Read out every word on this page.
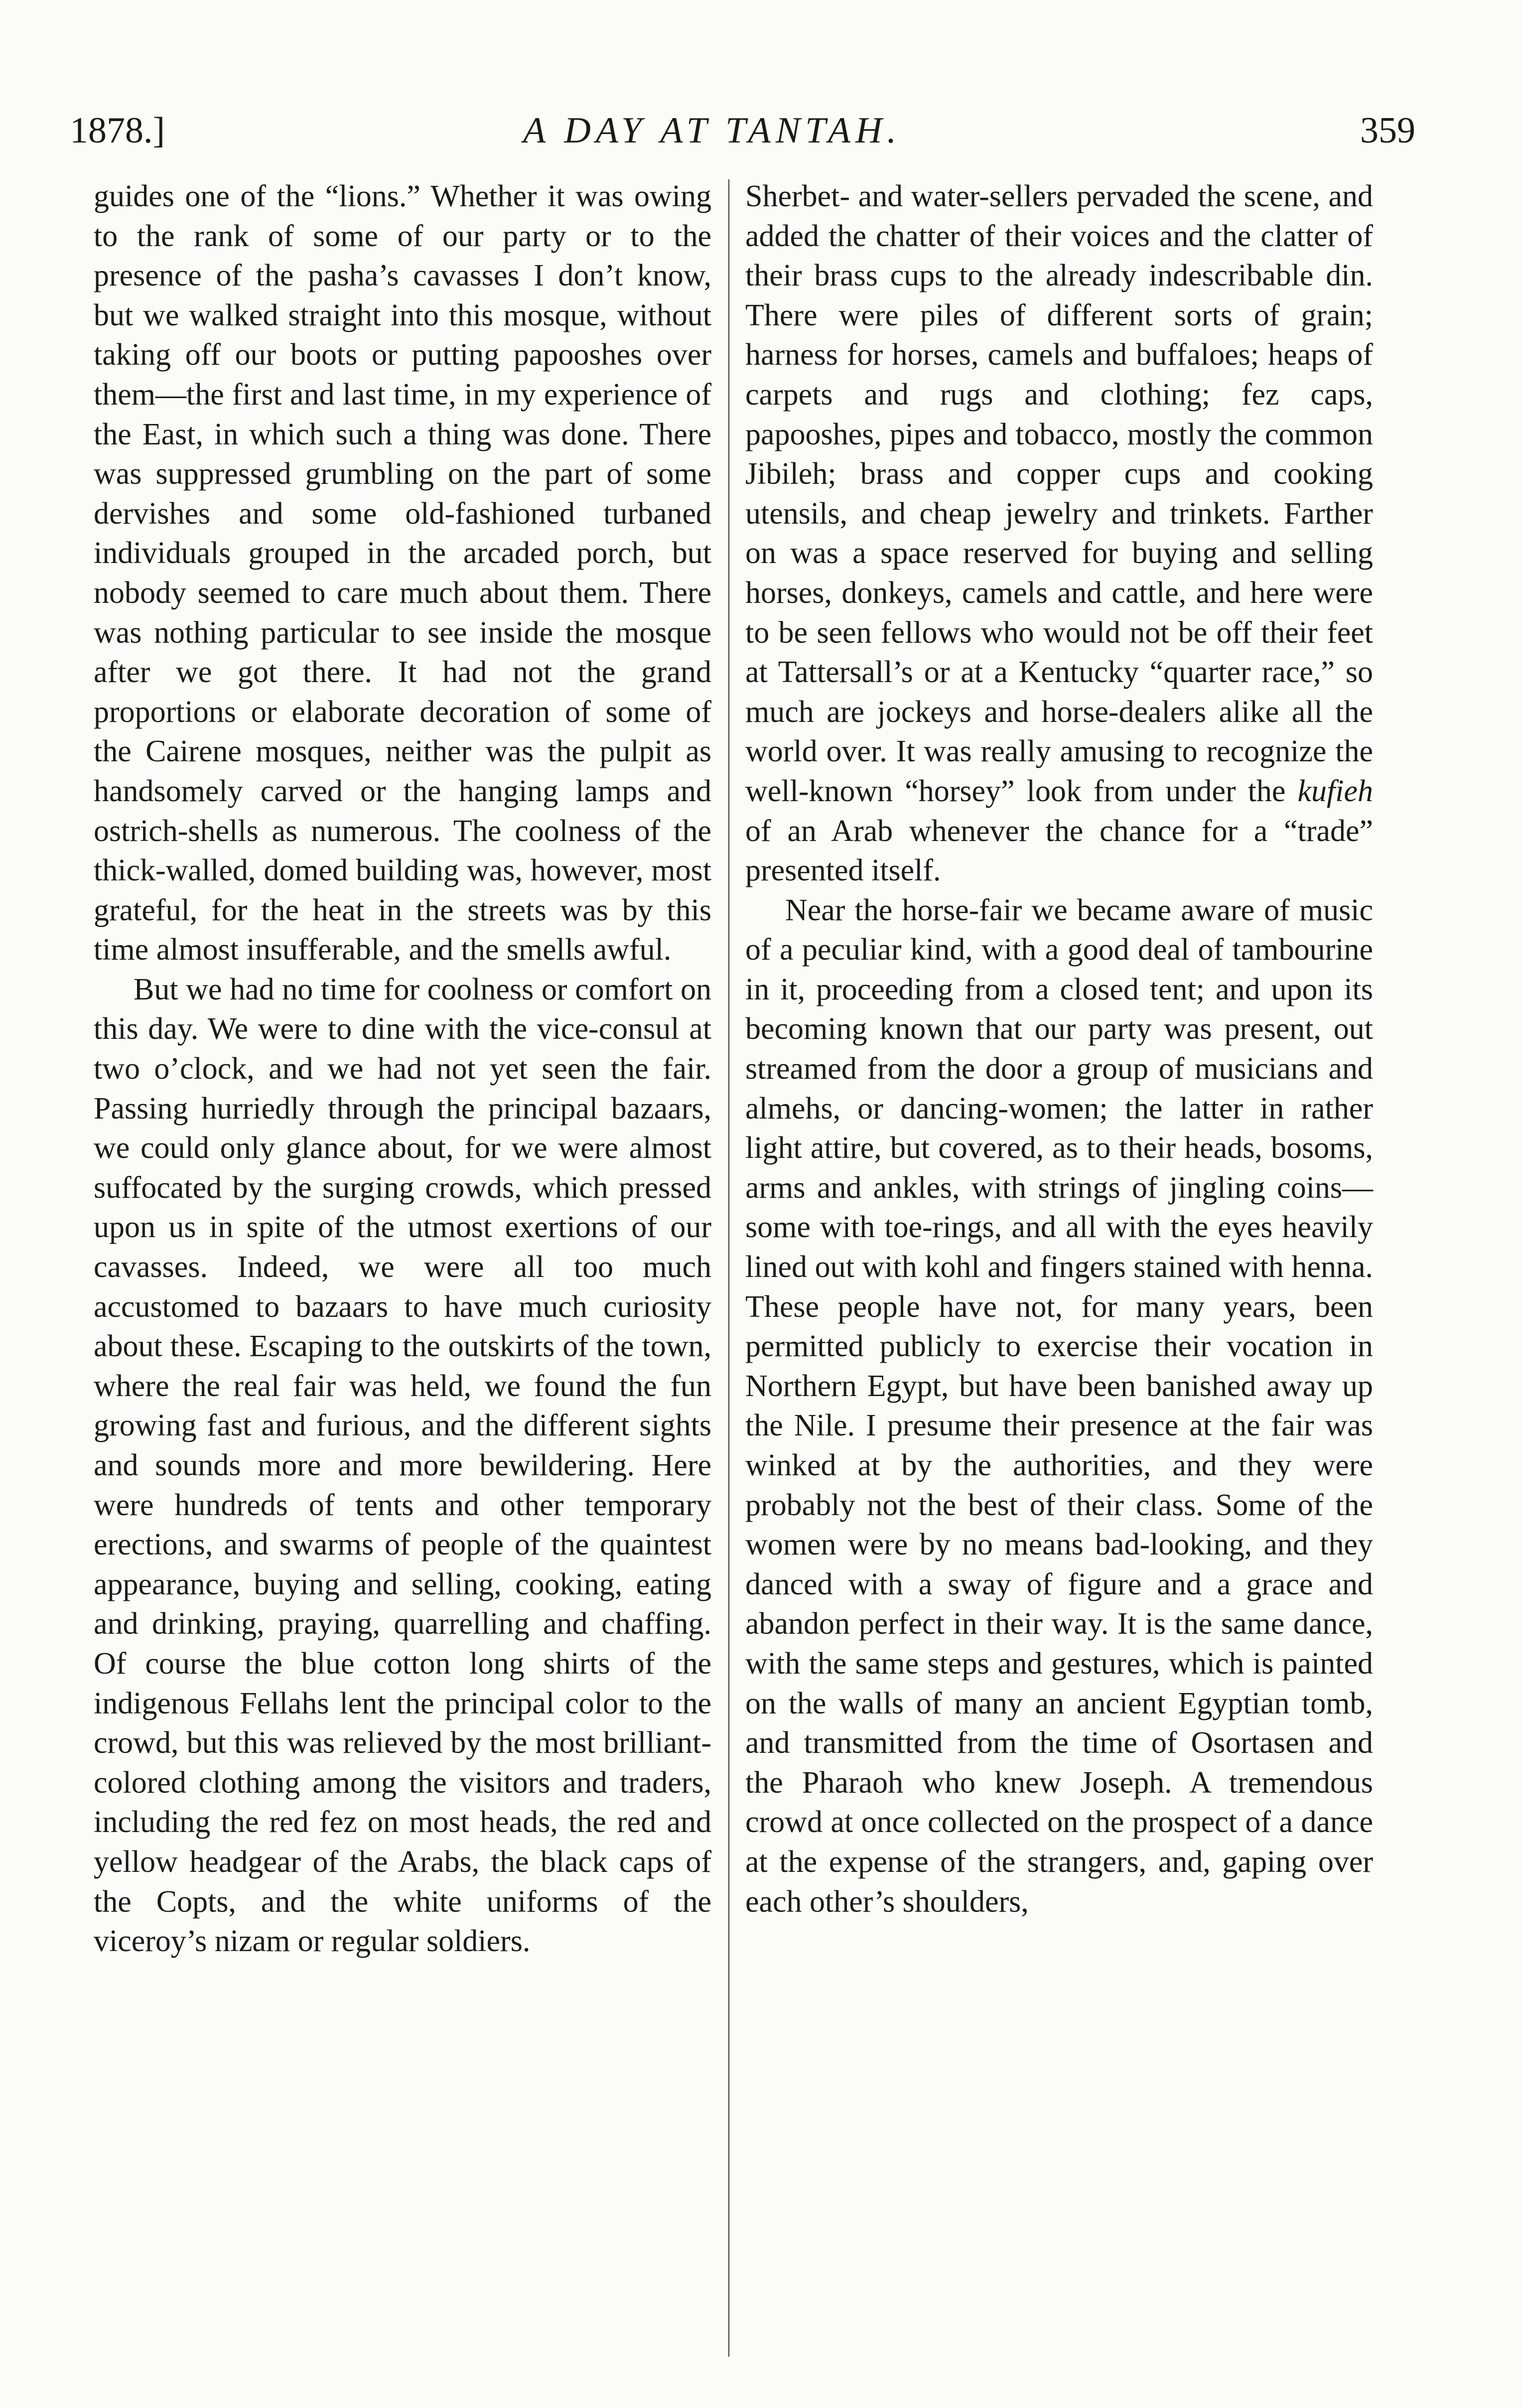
1878.]	A DAY AT TANTAH.	359

guides one of the “lions.” Whether it was owing to the rank of some of our party or to the presence of the pasha’s cavasses I don’t know, but we walked straight into this mosque, without taking off our boots or putting papooshes over them—the first and last time, in my experience of the East, in which such a thing was done. There was suppressed grumbling on the part of some dervishes and some old-fashioned turbaned individuals grouped in the arcaded porch, but nobody seemed to care much about them. There was nothing particular to see inside the mosque after we got there. It had not the grand proportions or elaborate decoration of some of the Cairene mosques, neither was the pulpit as handsomely carved or the hanging lamps and ostrich-shells as numerous. The coolness of the thick-walled, domed building was, however, most grateful, for the heat in the streets was by this time almost insufferable, and the smells awful.

But we had no time for coolness or comfort on this day. We were to dine with the vice-consul at two o’clock, and we had not yet seen the fair. Passing hurriedly through the principal bazaars, we could only glance about, for we were almost suffocated by the surging crowds, which pressed upon us in spite of the utmost exertions of our cavasses. Indeed, we were all too much accustomed to bazaars to have much curiosity about these. Escaping to the outskirts of the town, where the real fair was held, we found the fun growing fast and furious, and the different sights and sounds more and more bewildering. Here were hundreds of tents and other temporary erections, and swarms of people of the quaintest appearance, buying and selling, cooking, eating and drinking, praying, quarrelling and chaffing. Of course the blue cotton long shirts of the indigenous Fellahs lent the principal color to the crowd, but this was relieved by the most brilliant-colored clothing among the visitors and traders, including the red fez on most heads, the red and yellow headgear of the Arabs, the black caps of the Copts, and the white uniforms of the viceroy’s nizam or regular soldiers.

Sherbet- and water-sellers pervaded the scene, and added the chatter of their voices and the clatter of their brass cups to the already indescribable din. There were piles of different sorts of grain; harness for horses, camels and buffaloes; heaps of carpets and rugs and clothing; fez caps, papooshes, pipes and tobacco, mostly the common Jibileh; brass and copper cups and cooking utensils, and cheap jewelry and trinkets. Farther on was a space reserved for buying and selling horses, donkeys, camels and cattle, and here were to be seen fellows who would not be off their feet at Tattersall’s or at a Kentucky “quarter race,” so much are jockeys and horse-dealers alike all the world over. It was really amusing to recognize the well-known “horsey” look from under the kufieh of an Arab whenever the chance for a “trade” presented itself.

Near the horse-fair we became aware of music of a peculiar kind, with a good deal of tambourine in it, proceeding from a closed tent; and upon its becoming known that our party was present, out streamed from the door a group of musicians and almehs, or dancing-women; the latter in rather light attire, but covered, as to their heads, bosoms, arms and ankles, with strings of jingling coins—some with toe-rings, and all with the eyes heavily lined out with kohl and fingers stained with henna. These people have not, for many years, been permitted publicly to exercise their vocation in Northern Egypt, but have been banished away up the Nile. I presume their presence at the fair was winked at by the authorities, and they were probably not the best of their class. Some of the women were by no means bad-looking, and they danced with a sway of figure and a grace and abandon perfect in their way. It is the same dance, with the same steps and gestures, which is painted on the walls of many an ancient Egyptian tomb, and transmitted from the time of Osortasen and the Pharaoh who knew Joseph. A tremendous crowd at once collected on the prospect of a dance at the expense of the strangers, and, gaping over each other’s shoulders,
